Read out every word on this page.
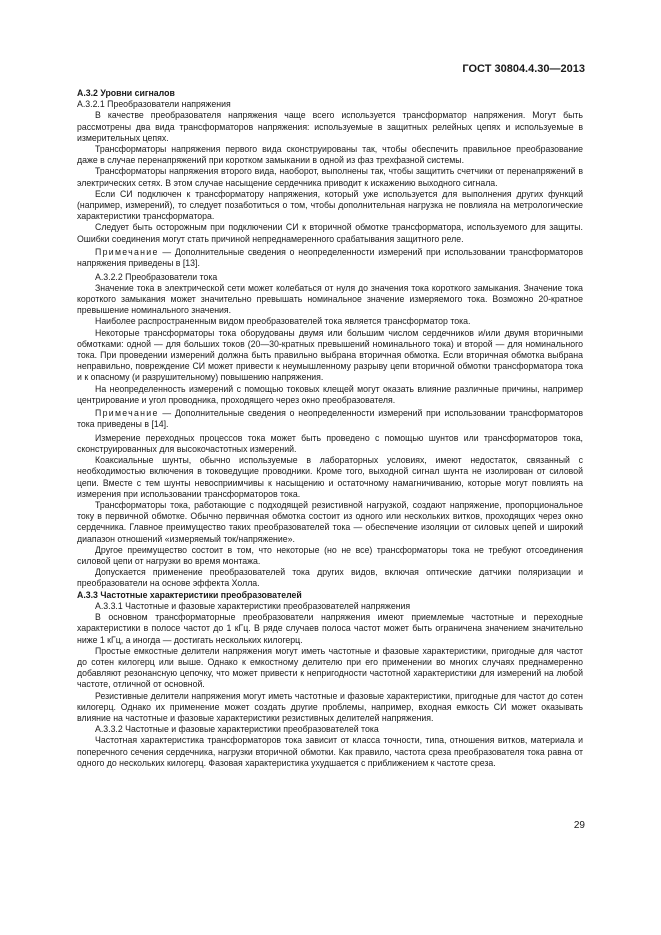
ГОСТ 30804.4.30—2013

А.3.2 Уровни сигналов

А.3.2.1 Преобразователи напряжения

В качестве преобразователя напряжения чаще всего используется трансформатор напряжения. Могут быть рассмотрены два вида трансформаторов напряжения: используемые в защитных релейных цепях и используемые в измерительных цепях.

Трансформаторы напряжения первого вида сконструированы так, чтобы обеспечить правильное преобразование даже в случае перенапряжений при коротком замыкании в одной из фаз трехфазной системы.

Трансформаторы напряжения второго вида, наоборот, выполнены так, чтобы защитить счетчики от перенапряжений в электрических сетях. В этом случае насыщение сердечника приводит к искажению выходного сигнала.

Если СИ подключен к трансформатору напряжения, который уже используется для выполнения других функций (например, измерений), то следует позаботиться о том, чтобы дополнительная нагрузка не повлияла на метрологические характеристики трансформатора.

Следует быть осторожным при подключении СИ к вторичной обмотке трансформатора, используемого для защиты. Ошибки соединения могут стать причиной непреднамеренного срабатывания защитного реле.

Примечание — Дополнительные сведения о неопределенности измерений при использовании трансформаторов напряжения приведены в [13].

А.3.2.2 Преобразователи тока

Значение тока в электрической сети может колебаться от нуля до значения тока короткого замыкания. Значение тока короткого замыкания может значительно превышать номинальное значение измеряемого тока. Возможно 20-кратное превышение номинального значения.

Наиболее распространенным видом преобразователей тока является трансформатор тока.

Некоторые трансформаторы тока оборудованы двумя или большим числом сердечников и/или двумя вторичными обмотками: одной — для больших токов (20—30-кратных превышений номинального тока) и второй — для номинального тока. При проведении измерений должна быть правильно выбрана вторичная обмотка. Если вторичная обмотка выбрана неправильно, повреждение СИ может привести к неумышленному разрыву цепи вторичной обмотки трансформатора тока и к опасному (и разрушительному) повышению напряжения.

На неопределенность измерений с помощью токовых клещей могут оказать влияние различные причины, например центрирование и угол проводника, проходящего через окно преобразователя.

Примечание — Дополнительные сведения о неопределенности измерений при использовании трансформаторов тока приведены в [14].

Измерение переходных процессов тока может быть проведено с помощью шунтов или трансформаторов тока, сконструированных для высокочастотных измерений.

Коаксиальные шунты, обычно используемые в лабораторных условиях, имеют недостаток, связанный с необходимостью включения в токоведущие проводники. Кроме того, выходной сигнал шунта не изолирован от силовой цепи. Вместе с тем шунты невосприимчивы к насыщению и остаточному намагничиванию, которые могут повлиять на измерения при использовании трансформаторов тока.

Трансформаторы тока, работающие с подходящей резистивной нагрузкой, создают напряжение, пропорциональное току в первичной обмотке. Обычно первичная обмотка состоит из одного или нескольких витков, проходящих через окно сердечника. Главное преимущество таких преобразователей тока — обеспечение изоляции от силовых цепей и широкий диапазон отношений «измеряемый ток/напряжение».

Другое преимущество состоит в том, что некоторые (но не все) трансформаторы тока не требуют отсоединения силовой цепи от нагрузки во время монтажа.

Допускается применение преобразователей тока других видов, включая оптические датчики поляризации и преобразователи на основе эффекта Холла.

А.3.3 Частотные характеристики преобразователей

А.3.3.1 Частотные и фазовые характеристики преобразователей напряжения

В основном трансформаторные преобразователи напряжения имеют приемлемые частотные и переходные характеристики в полосе частот до 1 кГц. В ряде случаев полоса частот может быть ограничена значением значительно ниже 1 кГц, а иногда — достигать нескольких килогерц.

Простые емкостные делители напряжения могут иметь частотные и фазовые характеристики, пригодные для частот до сотен килогерц или выше. Однако к емкостному делителю при его применении во многих случаях преднамеренно добавляют резонансную цепочку, что может привести к непригодности частотной характеристики для измерений на любой частоте, отличной от основной.

Резистивные делители напряжения могут иметь частотные и фазовые характеристики, пригодные для частот до сотен килогерц. Однако их применение может создать другие проблемы, например, входная емкость СИ может оказывать влияние на частотные и фазовые характеристики резистивных делителей напряжения.

А.3.3.2 Частотные и фазовые характеристики преобразователей тока

Частотная характеристика трансформаторов тока зависит от класса точности, типа, отношения витков, материала и поперечного сечения сердечника, нагрузки вторичной обмотки. Как правило, частота среза преобразователя тока равна от одного до нескольких килогерц. Фазовая характеристика ухудшается с приближением к частоте среза.

29
